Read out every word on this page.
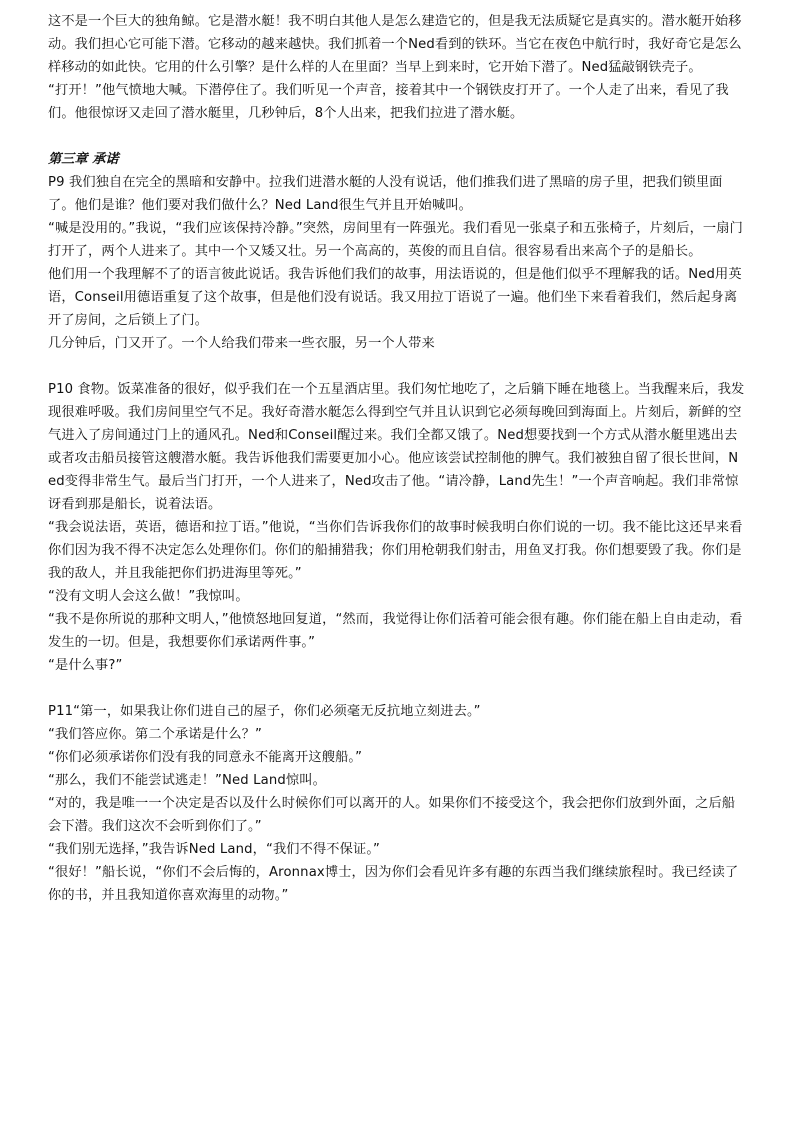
这不是一个巨大的独角鲸。它是潜水艇！我不明白其他人是怎么建造它的，但是我无法质疑它是真实的。潜水艇开始移动。我们担心它可能下潜。它移动的越来越快。我们抓着一个Ned看到的铁环。当它在夜色中航行时，我好奇它是怎么样移动的如此快。它用的什么引擎？是什么样的人在里面？当早上到来时，它开始下潜了。Ned猛敲钢铁壳子。

“打开！”他气愤地大喊。下潜停住了。我们听见一个声音，接着其中一个钢铁皮打开了。一个人走了出来，看见了我们。他很惊讶又走回了潜水艇里，几秒钟后，8个人出来，把我们拉进了潜水艇。

第三章 承诺

P9 我们独自在完全的黑暗和安静中。拉我们进潜水艇的人没有说话，他们推我们进了黑暗的房子里，把我们锁里面了。他们是谁？他们要对我们做什么？Ned Land很生气并且开始喊叫。

“喊是没用的。”我说，“我们应该保持冷静。”突然，房间里有一阵强光。我们看见一张桌子和五张椅子，片刻后，一扇门打开了，两个人进来了。其中一个又矮又壮。另一个高高的，英俊的而且自信。很容易看出来高个子的是船长。

他们用一个我理解不了的语言彼此说话。我告诉他们我们的故事，用法语说的，但是他们似乎不理解我的话。Ned用英语，Conseil用德语重复了这个故事，但是他们没有说话。我又用拉丁语说了一遍。他们坐下来看着我们，然后起身离开了房间，之后锁上了门。

几分钟后，门又开了。一个人给我们带来一些衣服，另一个人带来

P10 食物。饭菜准备的很好，似乎我们在一个五星酒店里。我们匆忙地吃了，之后躺下睡在地毯上。当我醒来后，我发现很难呼吸。我们房间里空气不足。我好奇潜水艇怎么得到空气并且认识到它必须每晚回到海面上。片刻后，新鲜的空气进入了房间通过门上的通风孔。Ned和Conseil醒过来。我们全都又饿了。Ned想要找到一个方式从潜水艇里逃出去或者攻击船员接管这艘潜水艇。我告诉他我们需要更加小心。他应该尝试控制他的脾气。我们被独自留了很长世间，Ned变得非常生气。最后当门打开，一个人进来了，Ned攻击了他。“请冷静，Land先生！”一个声音响起。我们非常惊讶看到那是船长，说着法语。

“我会说法语，英语，德语和拉丁语。”他说，“当你们告诉我你们的故事时候我明白你们说的一切。我不能比这还早来看你们因为我不得不决定怎么处理你们。你们的船捕猎我；你们用枪朝我们射击，用鱼叉打我。你们想要毁了我。你们是我的敌人，并且我能把你们扔进海里等死。”

“没有文明人会这么做！”我惊叫。

“我不是你所说的那种文明人，”他愤怒地回复道，“然而，我觉得让你们活着可能会很有趣。你们能在船上自由走动，看发生的一切。但是，我想要你们承诺两件事。”

“是什么事?”

P11“第一，如果我让你们进自己的屋子，你们必须毫无反抗地立刻进去。”

“我们答应你。第二个承诺是什么？”

“你们必须承诺你们没有我的同意永不能离开这艘船。”

“那么，我们不能尝试逃走！”Ned Land惊叫。

“对的，我是唯一一个决定是否以及什么时候你们可以离开的人。如果你们不接受这个，我会把你们放到外面，之后船会下潜。我们这次不会听到你们了。”

“我们别无选择，”我告诉Ned Land，“我们不得不保证。”

“很好！”船长说，“你们不会后悔的，Aronnax博士，因为你们会看见许多有趣的东西当我们继续旅程时。我已经读了你的书，并且我知道你喜欢海里的动物。”
